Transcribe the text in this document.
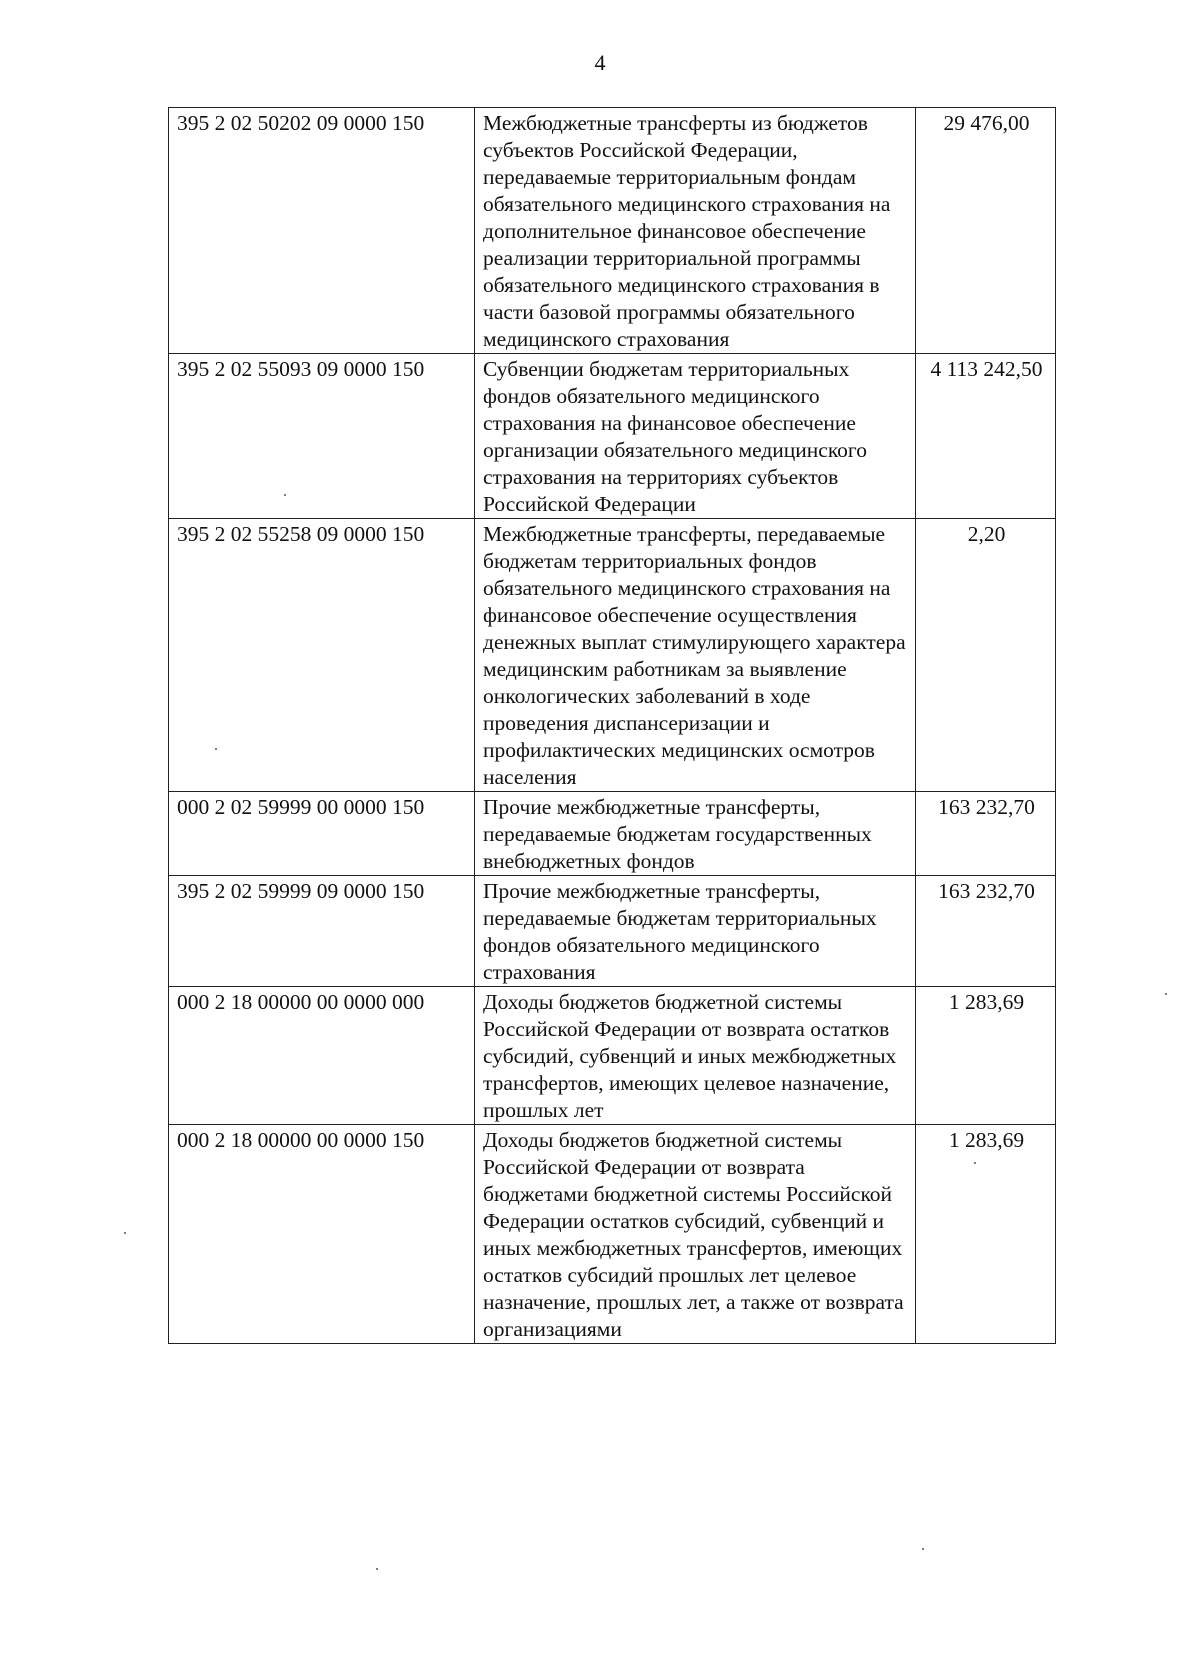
4
395 2 02 50202 09 0000 150	Межбюджетные трансферты из бюджетов субъектов Российской Федерации, передаваемые территориальным фондам обязательного медицинского страхования на дополнительное финансовое обеспечение реализации территориальной программы обязательного медицинского страхования в части базовой программы обязательного медицинского страхования	29 476,00
395 2 02 55093 09 0000 150	Субвенции бюджетам территориальных фондов обязательного медицинского страхования на финансовое обеспечение организации обязательного медицинского страхования на территориях субъектов Российской Федерации	4 113 242,50
395 2 02 55258 09 0000 150	Межбюджетные трансферты, передаваемые бюджетам территориальных фондов обязательного медицинского страхования на финансовое обеспечение осуществления денежных выплат стимулирующего характера медицинским работникам за выявление онкологических заболеваний в ходе проведения диспансеризации и профилактических медицинских осмотров населения	2,20
000 2 02 59999 00 0000 150	Прочие межбюджетные трансферты, передаваемые бюджетам государственных внебюджетных фондов	163 232,70
395 2 02 59999 09 0000 150	Прочие межбюджетные трансферты, передаваемые бюджетам территориальных фондов обязательного медицинского страхования	163 232,70
000 2 18 00000 00 0000 000	Доходы бюджетов бюджетной системы Российской Федерации от возврата остатков субсидий, субвенций и иных межбюджетных трансфертов, имеющих целевое назначение, прошлых лет	1 283,69
000 2 18 00000 00 0000 150	Доходы бюджетов бюджетной системы Российской Федерации от возврата бюджетами бюджетной системы Российской Федерации остатков субсидий, субвенций и иных межбюджетных трансфертов, имеющих остатков субсидий прошлых лет целевое назначение, прошлых лет, а также от возврата организациями	1 283,69
